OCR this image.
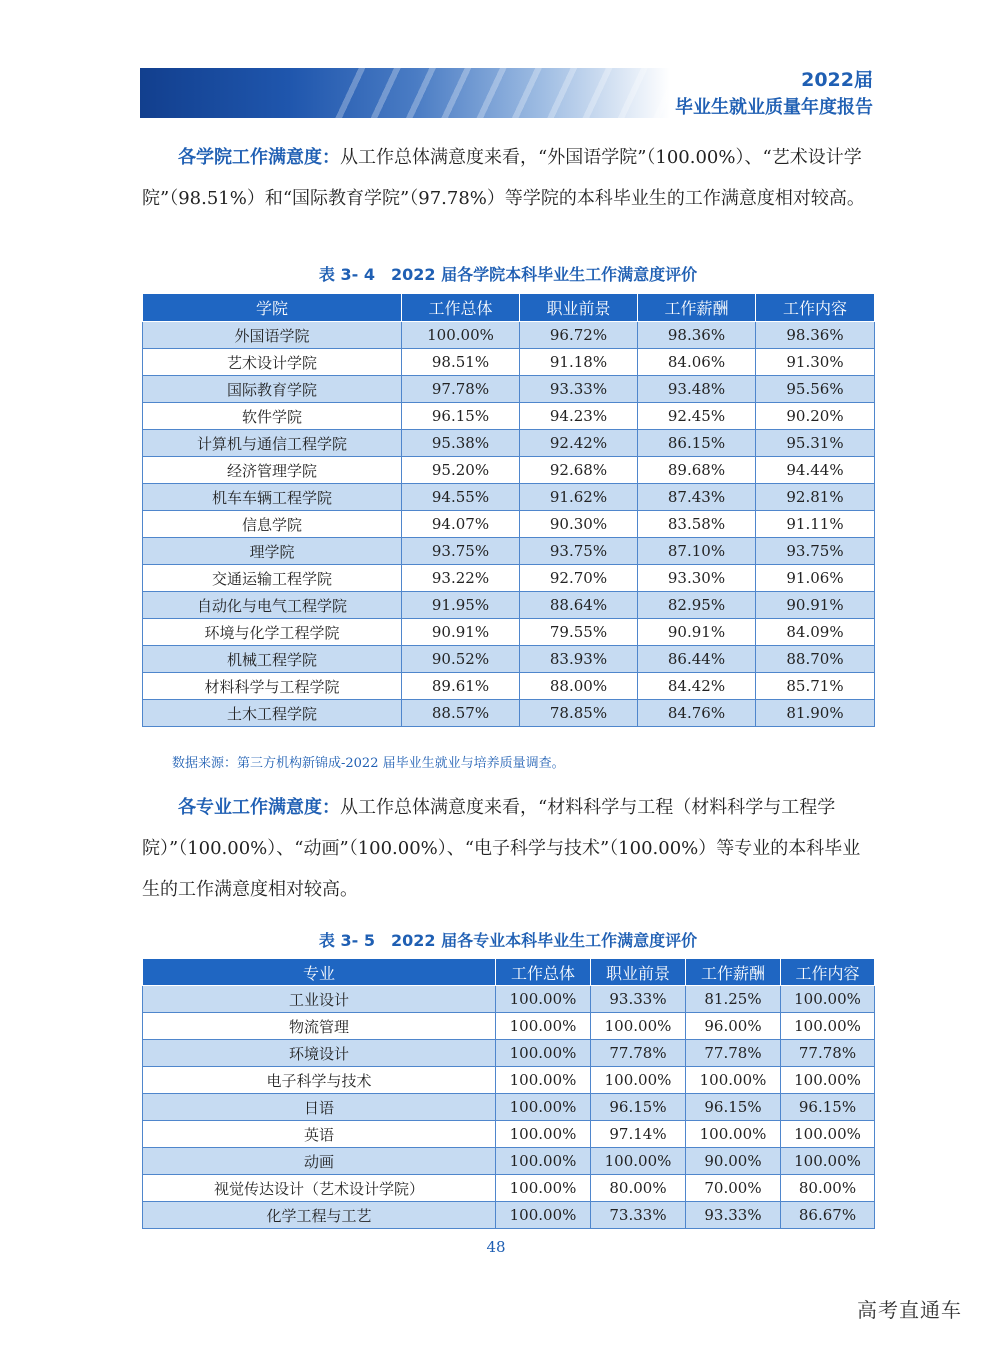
2022届
毕业生就业质量年度报告

各学院工作满意度：从工作总体满意度来看，“外国语学院”（100.00%）、“艺术设计学院”（98.51%）和“国际教育学院”（97.78%）等学院的本科毕业生的工作满意度相对较高。

表 3- 4　2022 届各学院本科毕业生工作满意度评价
学院	工作总体	职业前景	工作薪酬	工作内容
外国语学院	100.00%	96.72%	98.36%	98.36%
艺术设计学院	98.51%	91.18%	84.06%	91.30%
国际教育学院	97.78%	93.33%	93.48%	95.56%
软件学院	96.15%	94.23%	92.45%	90.20%
计算机与通信工程学院	95.38%	92.42%	86.15%	95.31%
经济管理学院	95.20%	92.68%	89.68%	94.44%
机车车辆工程学院	94.55%	91.62%	87.43%	92.81%
信息学院	94.07%	90.30%	83.58%	91.11%
理学院	93.75%	93.75%	87.10%	93.75%
交通运输工程学院	93.22%	92.70%	93.30%	91.06%
自动化与电气工程学院	91.95%	88.64%	82.95%	90.91%
环境与化学工程学院	90.91%	79.55%	90.91%	84.09%
机械工程学院	90.52%	83.93%	86.44%	88.70%
材料科学与工程学院	89.61%	88.00%	84.42%	85.71%
土木工程学院	88.57%	78.85%	84.76%	81.90%
数据来源：第三方机构新锦成-2022 届毕业生就业与培养质量调查。

各专业工作满意度：从工作总体满意度来看，“材料科学与工程（材料科学与工程学院）”（100.00%）、“动画”（100.00%）、“电子科学与技术”（100.00%）等专业的本科毕业生的工作满意度相对较高。

表 3- 5　2022 届各专业本科毕业生工作满意度评价
专业	工作总体	职业前景	工作薪酬	工作内容
工业设计	100.00%	93.33%	81.25%	100.00%
物流管理	100.00%	100.00%	96.00%	100.00%
环境设计	100.00%	77.78%	77.78%	77.78%
电子科学与技术	100.00%	100.00%	100.00%	100.00%
日语	100.00%	96.15%	96.15%	96.15%
英语	100.00%	97.14%	100.00%	100.00%
动画	100.00%	100.00%	90.00%	100.00%
视觉传达设计（艺术设计学院）	100.00%	80.00%	70.00%	80.00%
化学工程与工艺	100.00%	73.33%	93.33%	86.67%
48
高考直通车
